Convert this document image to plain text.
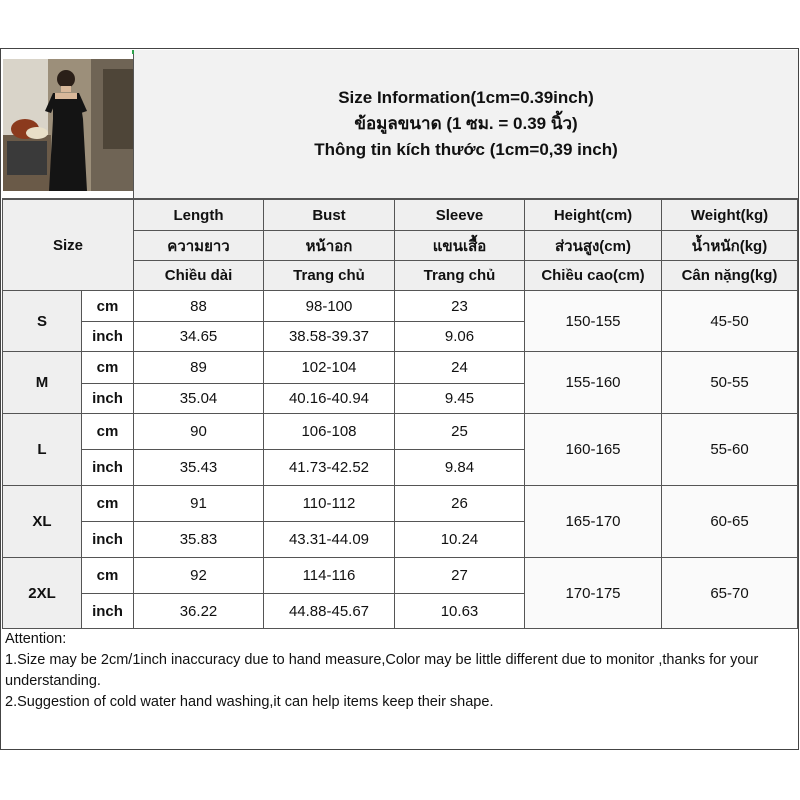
Size Information(1cm=0.39inch)
ข้อมูลขนาด (1 ซม. = 0.39 นิ้ว)
Thông tin kích thước (1cm=0,39 inch)
Size		Length	Bust	Sleeve	Height(cm)	Weight(kg)
		ความยาว	หน้าอก	แขนเสื้อ	ส่วนสูง(cm)	น้ำหนัก(kg)
		Chiều dài	Trang chủ	Trang chủ	Chiều cao(cm)	Cân nặng(kg)
S	cm	88	98-100	23	150-155	45-50
	inch	34.65	38.58-39.37	9.06		
M	cm	89	102-104	24	155-160	50-55
	inch	35.04	40.16-40.94	9.45		
L	cm	90	106-108	25	160-165	55-60
	inch	35.43	41.73-42.52	9.84		
XL	cm	91	110-112	26	165-170	60-65
	inch	35.83	43.31-44.09	10.24		
2XL	cm	92	114-116	27	170-175	65-70
	inch	36.22	44.88-45.67	10.63		
Attention:
1.Size may be 2cm/1inch inaccuracy due to hand measure,Color may be little different due to monitor ,thanks for your understanding.
2.Suggestion of cold water hand washing,it can help items keep their shape.
